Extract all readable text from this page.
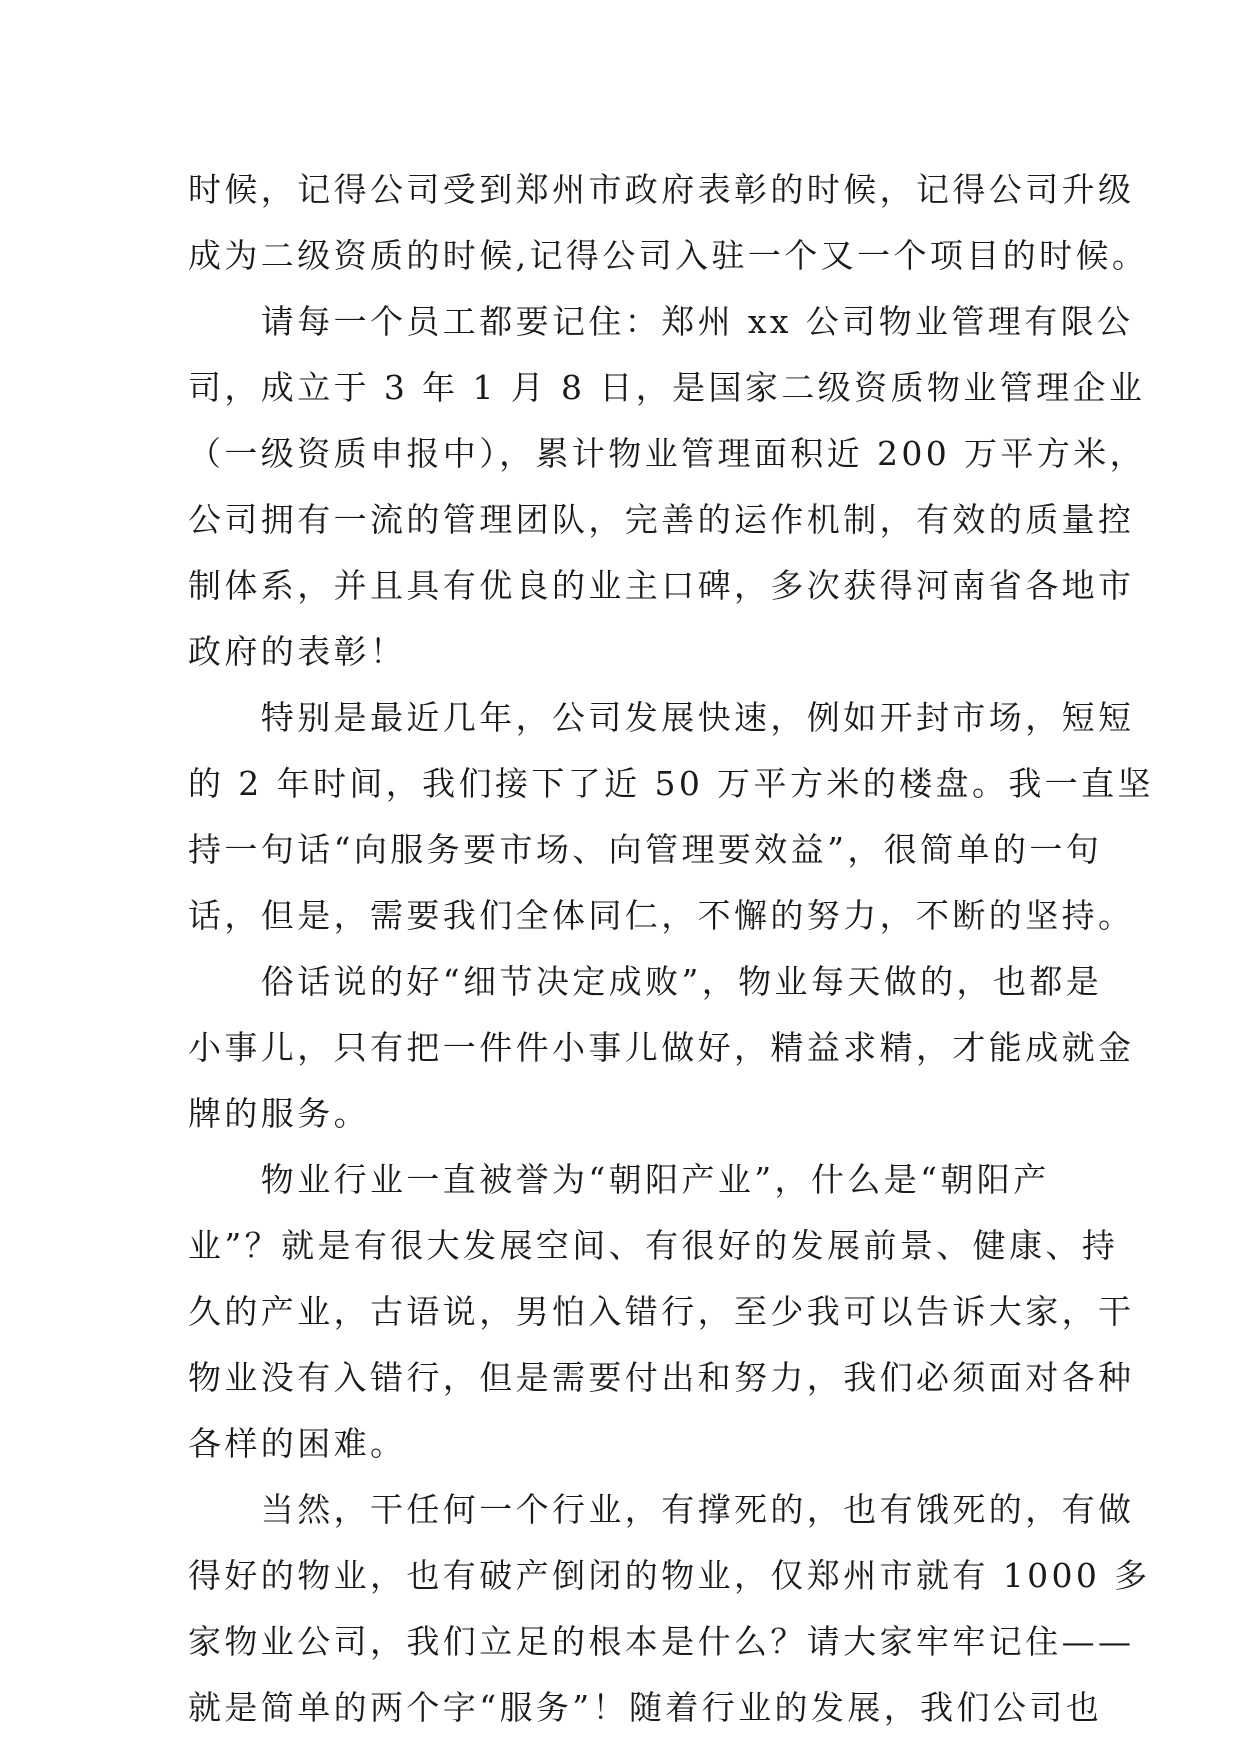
时候，记得公司受到郑州市政府表彰的时候，记得公司升级
成为二级资质的时候,记得公司入驻一个又一个项目的时候。
　　请每一个员工都要记住：郑州 xx 公司物业管理有限公
司，成立于 3 年 1 月 8 日，是国家二级资质物业管理企业
（一级资质申报中），累计物业管理面积近 200 万平方米，
公司拥有一流的管理团队，完善的运作机制，有效的质量控
制体系，并且具有优良的业主口碑，多次获得河南省各地市
政府的表彰！
　　特别是最近几年，公司发展快速，例如开封市场，短短
的 2 年时间，我们接下了近 50 万平方米的楼盘。我一直坚
持一句话“向服务要市场、向管理要效益”，很简单的一句
话，但是，需要我们全体同仁，不懈的努力，不断的坚持。
　　俗话说的好“细节决定成败”，物业每天做的，也都是
小事儿，只有把一件件小事儿做好，精益求精，才能成就金
牌的服务。
　　物业行业一直被誉为“朝阳产业”，什么是“朝阳产
业”？就是有很大发展空间、有很好的发展前景、健康、持
久的产业，古语说，男怕入错行，至少我可以告诉大家，干
物业没有入错行，但是需要付出和努力，我们必须面对各种
各样的困难。
　　当然，干任何一个行业，有撑死的，也有饿死的，有做
得好的物业，也有破产倒闭的物业，仅郑州市就有 1000 多
家物业公司，我们立足的根本是什么？请大家牢牢记住——
就是简单的两个字“服务”！随着行业的发展，我们公司也
